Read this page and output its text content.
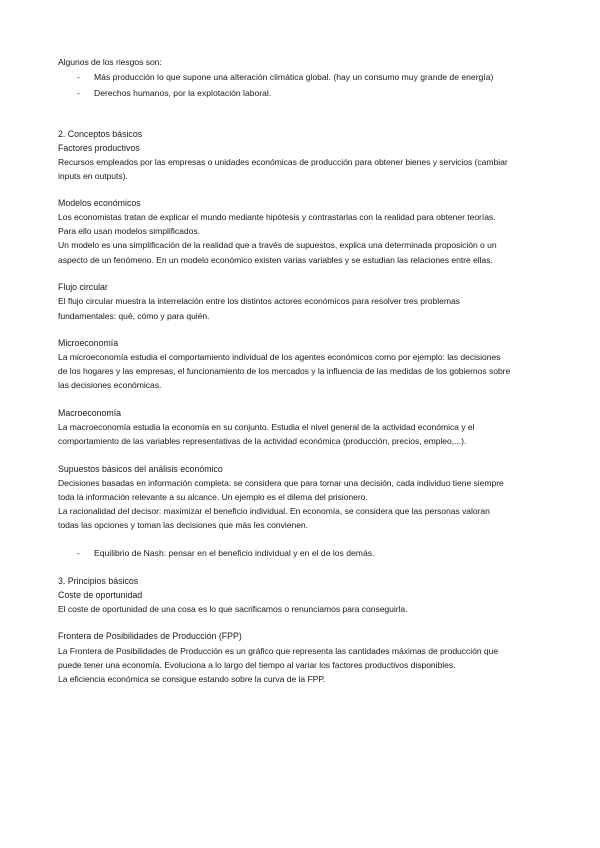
Algunos de los riesgos son:
- Más producción lo que supone una alteración climática global. (hay un consumo muy grande de energía)
- Derechos humanos, por la explotación laboral.
2. Conceptos básicos
Factores productivos
Recursos empleados por las empresas o unidades económicas de producción para obtener bienes y servicios (cambiar
inputs en outputs).
Modelos económicos
Los economistas tratan de explicar el mundo mediante hipótesis y contrastarlas con la realidad para obtener teorías.
Para ello usan modelos simplificados.
Un modelo es una simplificación de la realidad que a través de supuestos, explica una determinada proposición o un
aspecto de un fenómeno. En un modelo económico existen varias variables y se estudian las relaciones entre ellas.
Flujo circular
El flujo circular muestra la interrelación entre los distintos actores económicos para resolver tres problemas
fundamentales: qué, cómo y para quién.
Microeconomía
La microeconomía estudia el comportamiento individual de los agentes económicos como por ejemplo: las decisiones
de los hogares y las empresas, el funcionamiento de los mercados y la influencia de las medidas de los gobiernos sobre
las decisiones económicas.
Macroeconomía
La macroeconomía estudia la economía en su conjunto. Estudia el nivel general de la actividad económica y el
comportamiento de las variables representativas de la actividad económica (producción, precios, empleo,...).
Supuestos básicos del análisis económico
Decisiones basadas en información completa: se considera que para tomar una decisión, cada individuo tiene siempre
toda la información relevante a su alcance. Un ejemplo es el dilema del prisionero.
La racionalidad del decisor: maximizar el beneficio individual. En economía, se considera que las personas valoran
todas las opciones y toman las decisiones que más les convienen.
- Equilibrio de Nash: pensar en el beneficio individual y en el de los demás.
3. Principios básicos
Coste de oportunidad
El coste de oportunidad de una cosa es lo que sacrificamos o renunciamos para conseguirla.
Frontera de Posibilidades de Producción (FPP)
La Frontera de Posibilidades de Producción es un gráfico que representa las cantidades máximas de producción que
puede tener una economía. Evoluciona a lo largo del tiempo al variar los factores productivos disponibles.
La eficiencia económica se consigue estando sobre la curva de la FPP.
